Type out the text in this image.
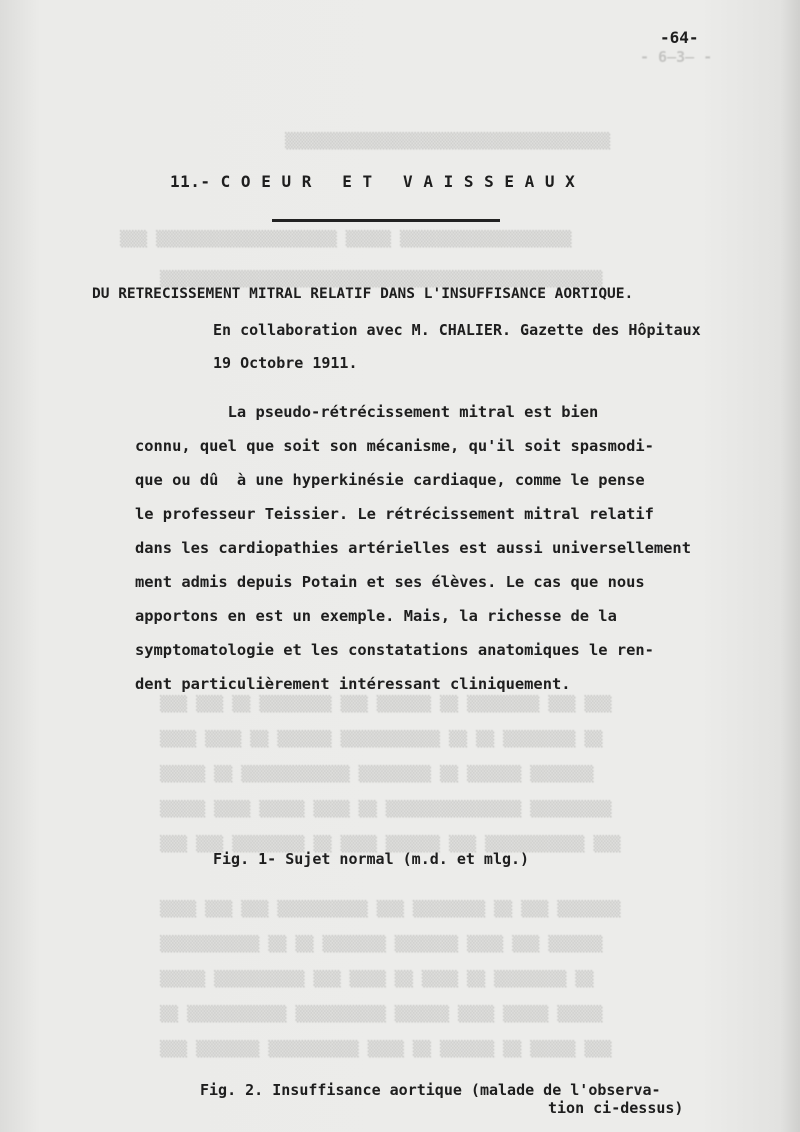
- 6̶3̶ -
▒▒▒▒▒▒▒▒▒▒▒▒▒▒▒▒▒▒▒▒▒▒▒▒▒▒▒▒▒▒▒▒▒▒▒▒
▒▒▒ ▒▒▒▒▒▒▒▒▒▒▒▒▒▒▒▒▒▒▒▒ ▒▒▒▒▒ ▒▒▒▒▒▒▒▒▒▒▒▒▒▒▒▒▒▒▒
▒▒▒▒▒▒▒▒▒▒▒▒▒▒▒▒▒▒▒▒▒▒▒▒▒▒▒▒▒▒▒▒▒▒▒▒▒▒▒▒▒▒▒▒▒▒▒▒▒
▒▒▒ ▒▒▒ ▒▒ ▒▒▒▒▒▒▒▒ ▒▒▒ ▒▒▒▒▒▒ ▒▒ ▒▒▒▒▒▒▒▒ ▒▒▒ ▒▒▒
▒▒▒▒ ▒▒▒▒ ▒▒ ▒▒▒▒▒▒ ▒▒▒▒▒▒▒▒▒▒▒ ▒▒ ▒▒ ▒▒▒▒▒▒▒▒ ▒▒
▒▒▒▒▒ ▒▒ ▒▒▒▒▒▒▒▒▒▒▒▒ ▒▒▒▒▒▒▒▒ ▒▒ ▒▒▒▒▒▒ ▒▒▒▒▒▒▒
▒▒▒▒▒ ▒▒▒▒ ▒▒▒▒▒ ▒▒▒▒ ▒▒ ▒▒▒▒▒▒▒▒▒▒▒▒▒▒▒ ▒▒▒▒▒▒▒▒▒
▒▒▒ ▒▒▒ ▒▒▒▒▒▒▒▒ ▒▒ ▒▒▒▒ ▒▒▒▒▒▒ ▒▒▒ ▒▒▒▒▒▒▒▒▒▒▒ ▒▒▒
▒▒▒▒ ▒▒▒ ▒▒▒ ▒▒▒▒▒▒▒▒▒▒ ▒▒▒ ▒▒▒▒▒▒▒▒ ▒▒ ▒▒▒ ▒▒▒▒▒▒▒
▒▒▒▒▒▒▒▒▒▒▒ ▒▒ ▒▒ ▒▒▒▒▒▒▒ ▒▒▒▒▒▒▒ ▒▒▒▒ ▒▒▒ ▒▒▒▒▒▒
▒▒▒▒▒ ▒▒▒▒▒▒▒▒▒▒ ▒▒▒ ▒▒▒▒ ▒▒ ▒▒▒▒ ▒▒ ▒▒▒▒▒▒▒▒ ▒▒
▒▒ ▒▒▒▒▒▒▒▒▒▒▒ ▒▒▒▒▒▒▒▒▒▒ ▒▒▒▒▒▒ ▒▒▒▒ ▒▒▒▒▒ ▒▒▒▒▒
▒▒▒ ▒▒▒▒▒▒▒ ▒▒▒▒▒▒▒▒▒▒ ▒▒▒▒ ▒▒ ▒▒▒▒▒▒ ▒▒ ▒▒▒▒▒ ▒▒▒
-64-
11.- C O E U R   E T   V A I S S E A U X
DU RETRECISSEMENT MITRAL RELATIF DANS L'INSUFFISANCE AORTIQUE.
En collaboration avec M. CHALIER. Gazette des Hôpitaux
19 Octobre 1911.
La pseudo-rétrécissement mitral est bien
connu, quel que soit son mécanisme, qu'il soit spasmodi-
que ou dû  à une hyperkinésie cardiaque, comme le pense
le professeur Teissier. Le rétrécissement mitral relatif
dans les cardiopathies artérielles est aussi universellement
ment admis depuis Potain et ses élèves. Le cas que nous
apportons en est un exemple. Mais, la richesse de la
symptomatologie et les constatations anatomiques le ren-
dent particulièrement intéressant cliniquement.
Fig. 1- Sujet normal (m.d. et mlg.)
Fig. 2. Insuffisance aortique (malade de l'observa-
tion ci-dessus)
